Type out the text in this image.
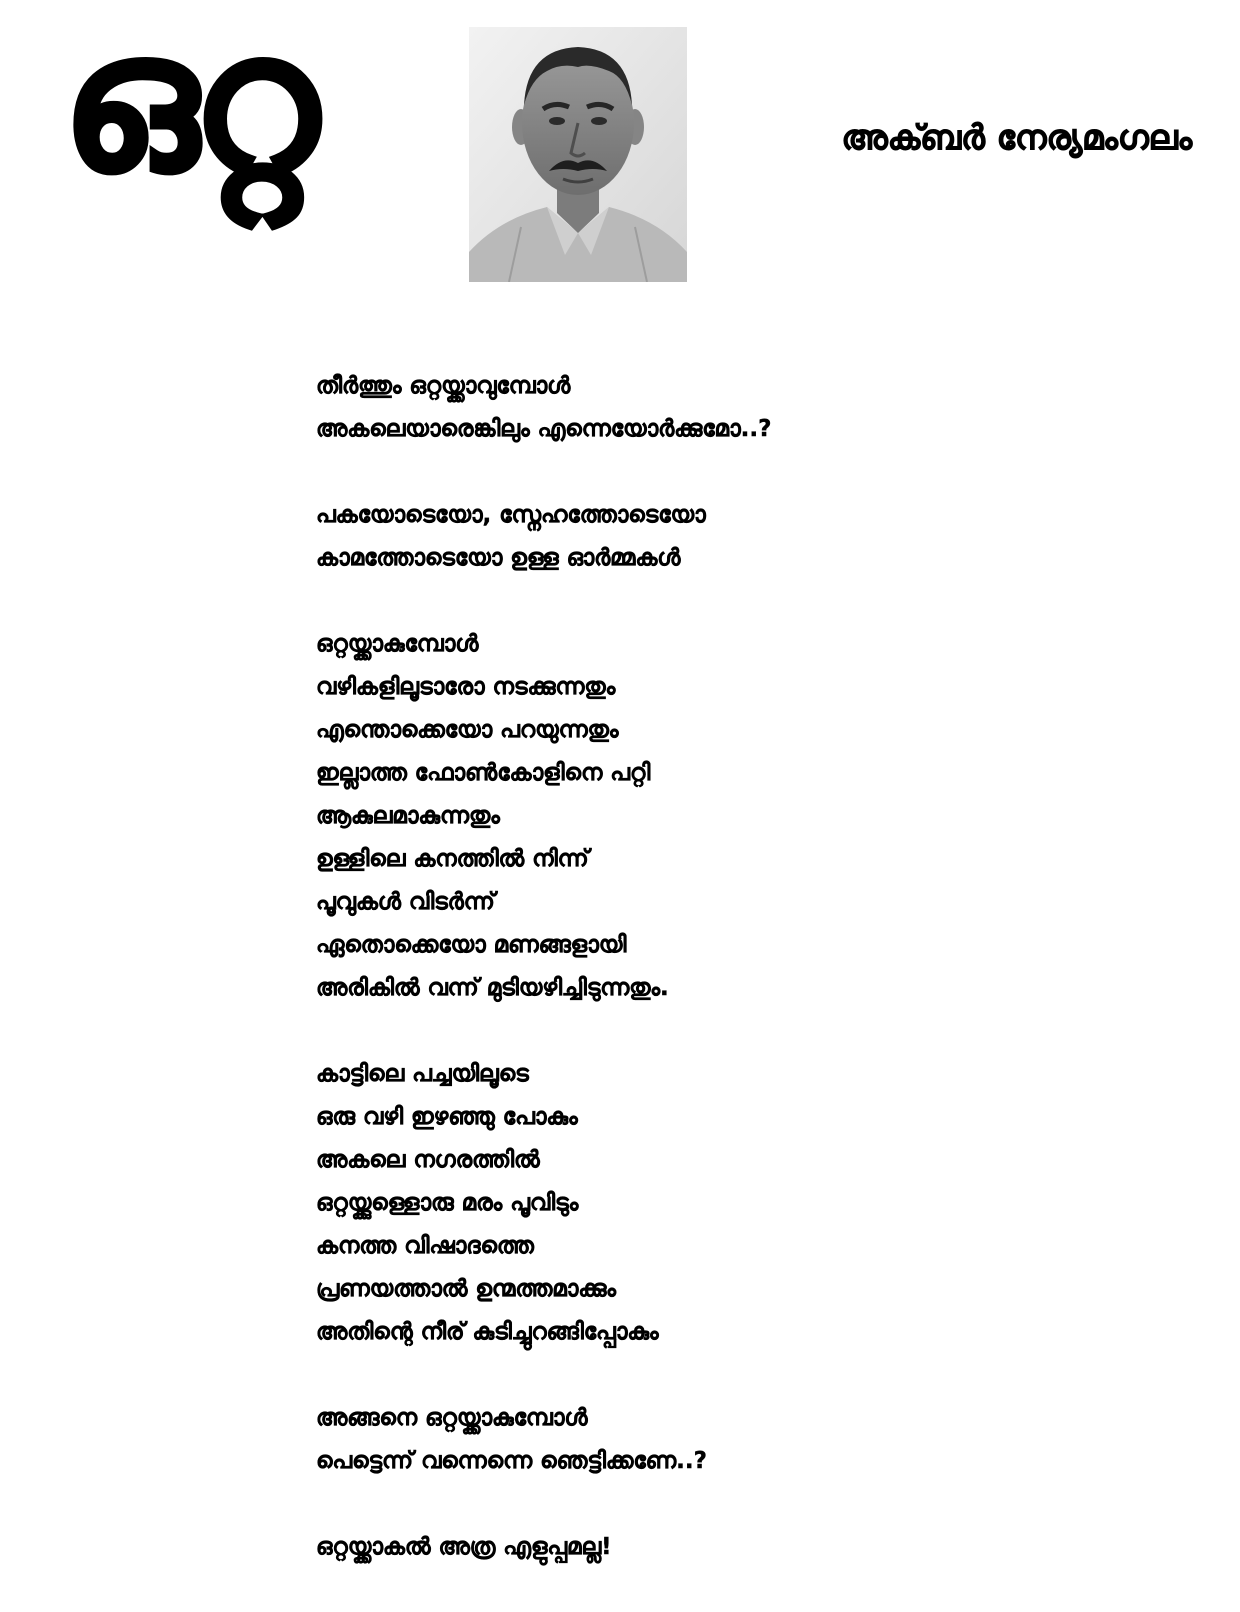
ഒറ്റ	അക്ബർ നേര്യമംഗലം
തീർത്തും ഒറ്റയ്ക്കാവുമ്പോൾ
അകലെയാരെങ്കിലും എന്നെയോർക്കുമോ..?
പകയോടെയോ, സ്നേഹത്തോടെയോ
കാമത്തോടെയോ ഉള്ള ഓർമ്മകൾ
ഒറ്റയ്ക്കാകുമ്പോൾ
വഴികളിലൂടാരോ നടക്കുന്നതും
എന്തൊക്കെയോ പറയുന്നതും
ഇല്ലാത്ത ഫോൺകോളിനെ പറ്റി
ആകുലമാകുന്നതും
ഉള്ളിലെ കനത്തിൽ നിന്ന്
പൂവുകൾ വിടർന്ന്
ഏതൊക്കെയോ മണങ്ങളായി
അരികിൽ വന്ന് മുടിയഴിച്ചിടുന്നതും.
കാട്ടിലെ പച്ചയിലൂടെ
ഒരു വഴി ഇഴഞ്ഞു പോകും
അകലെ നഗരത്തിൽ
ഒറ്റയ്ക്കുള്ളൊരു മരം പൂവിടും
കനത്ത വിഷാദത്തെ
പ്രണയത്താൽ ഉന്മത്തമാക്കും
അതിന്റെ നീര് കുടിച്ചുറങ്ങിപ്പോകും
അങ്ങനെ ഒറ്റയ്ക്കാകുമ്പോൾ
പെട്ടെന്ന് വന്നെന്നെ ഞെട്ടിക്കണേ..?
ഒറ്റയ്ക്കാകൽ അത്ര എളുപ്പമല്ല!
